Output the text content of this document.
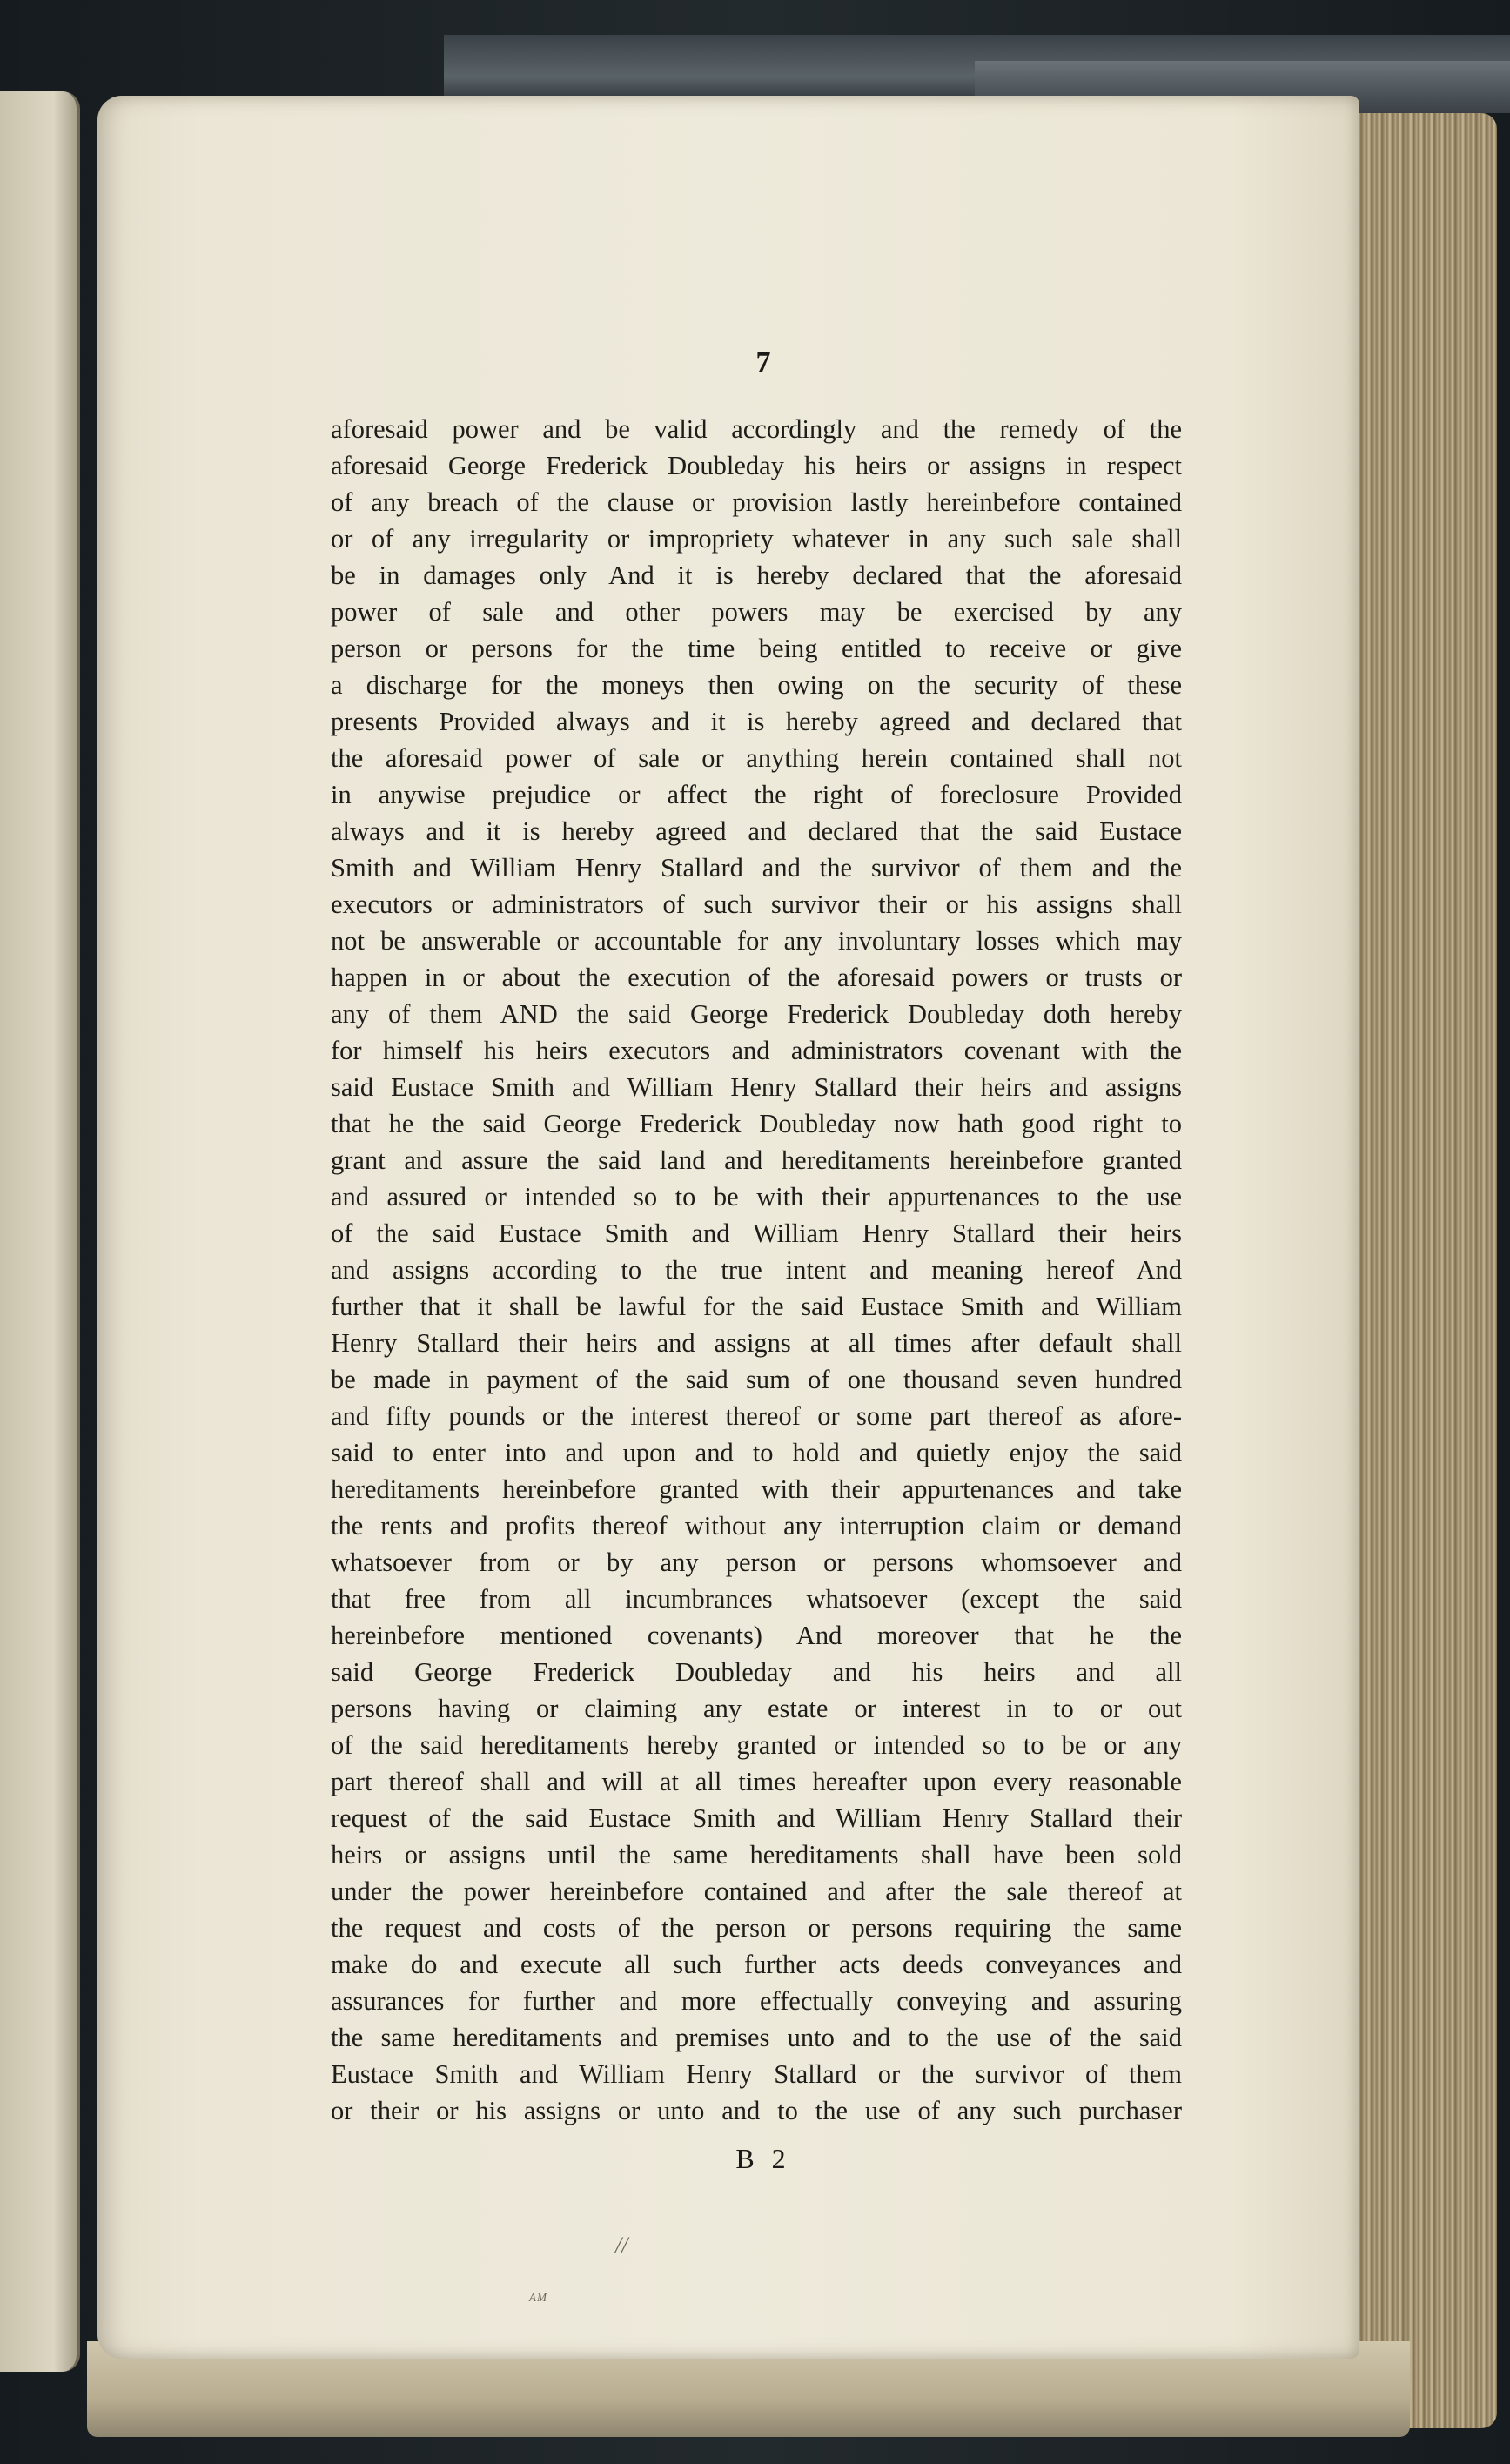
7
aforesaid power and be valid accordingly and the remedy of the
aforesaid George Frederick Doubleday his heirs or assigns in respect
of any breach of the clause or provision lastly hereinbefore contained
or of any irregularity or impropriety whatever in any such sale shall
be in damages only And it is hereby declared that the aforesaid
power of sale and other powers may be exercised by any
person or persons for the time being entitled to receive or give
a discharge for the moneys then owing on the security of these
presents Provided always and it is hereby agreed and declared that
the aforesaid power of sale or anything herein contained shall not
in anywise prejudice or affect the right of foreclosure Provided
always and it is hereby agreed and declared that the said Eustace
Smith and William Henry Stallard and the survivor of them and the
executors or administrators of such survivor their or his assigns shall
not be answerable or accountable for any involuntary losses which may
happen in or about the execution of the aforesaid powers or trusts or
any of them AND the said George Frederick Doubleday doth hereby
for himself his heirs executors and administrators covenant with the
said Eustace Smith and William Henry Stallard their heirs and assigns
that he the said George Frederick Doubleday now hath good right to
grant and assure the said land and hereditaments hereinbefore granted
and assured or intended so to be with their appurtenances to the use
of the said Eustace Smith and William Henry Stallard their heirs
and assigns according to the true intent and meaning hereof And
further that it shall be lawful for the said Eustace Smith and William
Henry Stallard their heirs and assigns at all times after default shall
be made in payment of the said sum of one thousand seven hundred
and fifty pounds or the interest thereof or some part thereof as afore-
said to enter into and upon and to hold and quietly enjoy the said
hereditaments hereinbefore granted with their appurtenances and take
the rents and profits thereof without any interruption claim or demand
whatsoever from or by any person or persons whomsoever and
that free from all incumbrances whatsoever (except the said
hereinbefore mentioned covenants) And moreover that he the
said George Frederick Doubleday and his heirs and all
persons having or claiming any estate or interest in to or out
of the said hereditaments hereby granted or intended so to be or any
part thereof shall and will at all times hereafter upon every reasonable
request of the said Eustace Smith and William Henry Stallard their
heirs or assigns until the same hereditaments shall have been sold
under the power hereinbefore contained and after the sale thereof at
the request and costs of the person or persons requiring the same
make do and execute all such further acts deeds conveyances and
assurances for further and more effectually conveying and assuring
the same hereditaments and premises unto and to the use of the said
Eustace Smith and William Henry Stallard or the survivor of them
or their or his assigns or unto and to the use of any such purchaser
B 2
//
ᴬᴹ
